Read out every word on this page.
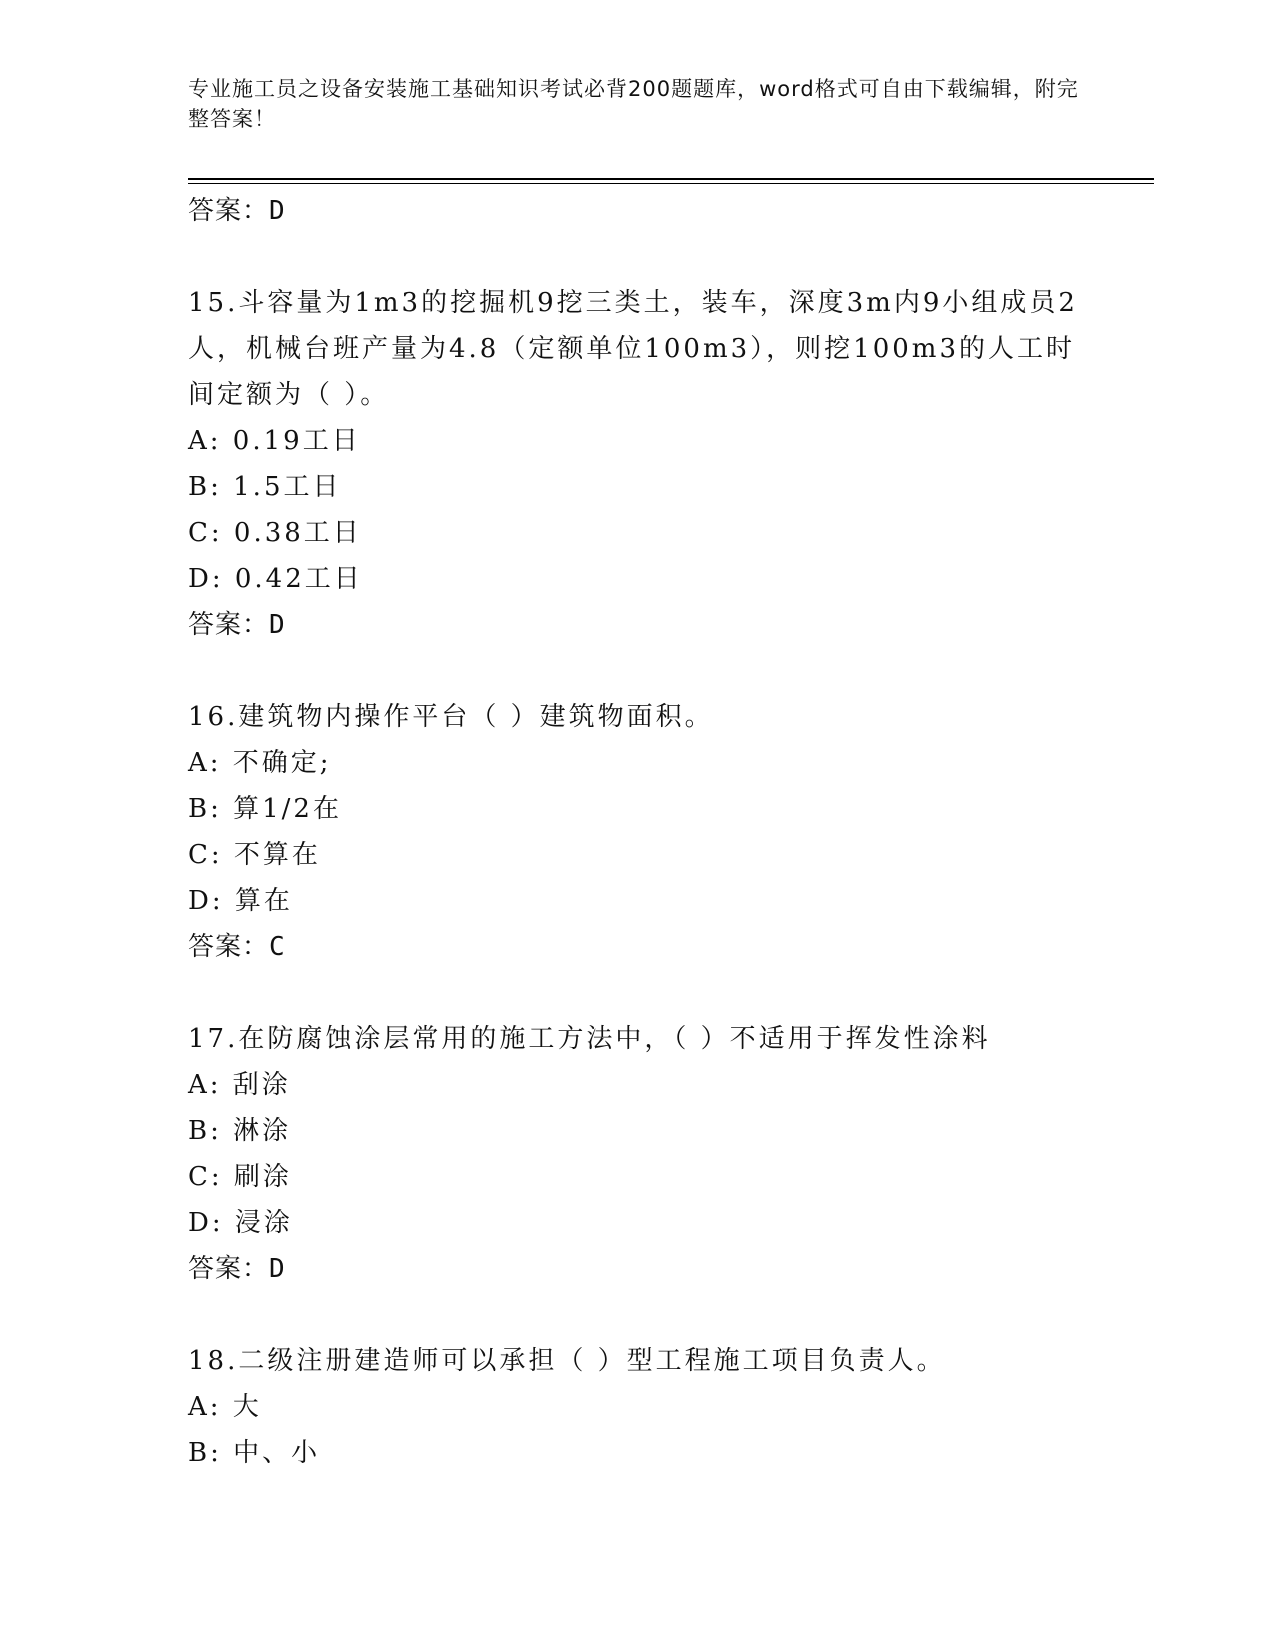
专业施工员之设备安装施工基础知识考试必背200题题库，word格式可自由下载编辑，附完整答案！
答案：D
15.斗容量为1m3的挖掘机9挖三类土，装车，深度3m内9小组成员2人，机械台班产量为4.8（定额单位100m3），则挖100m3的人工时间定额为（ ）。
A: 0.19工日
B: 1.5工日
C: 0.38工日
D: 0.42工日
答案：D
16.建筑物内操作平台（ ）建筑物面积。
A: 不确定;
B: 算1/2在
C: 不算在
D: 算在
答案：C
17.在防腐蚀涂层常用的施工方法中，（ ）不适用于挥发性涂料
A: 刮涂
B: 淋涂
C: 刷涂
D: 浸涂
答案：D
18.二级注册建造师可以承担（ ）型工程施工项目负责人。
A: 大
B: 中、小
